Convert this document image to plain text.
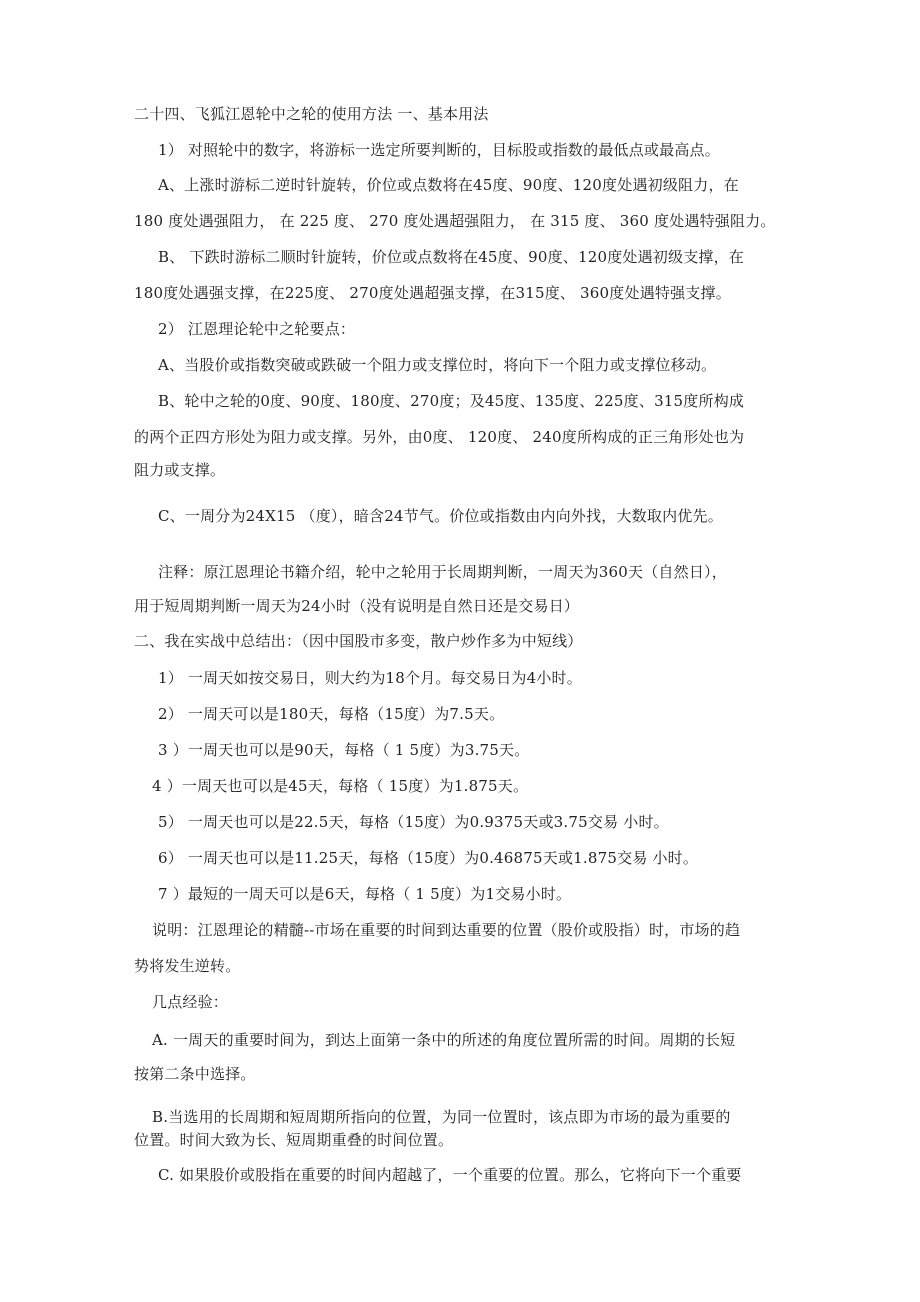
二十四、飞狐江恩轮中之轮的使用方法 一、基本用法
1） 对照轮中的数字，将游标一选定所要判断的，目标股或指数的最低点或最高点。
A、上涨时游标二逆时针旋转，价位或点数将在45度、90度、120度处遇初级阻力，在
180 度处遇强阻力， 在 225 度、 270 度处遇超强阻力， 在 315 度、 360 度处遇特强阻力。
B、 下跌时游标二顺时针旋转，价位或点数将在45度、90度、120度处遇初级支撑，在
180度处遇强支撑，在225度、 270度处遇超强支撑，在315度、 360度处遇特强支撑。
2） 江恩理论轮中之轮要点：
A、当股价或指数突破或跌破一个阻力或支撑位时，将向下一个阻力或支撑位移动。
B、轮中之轮的0度、90度、180度、270度；及45度、135度、225度、315度所构成
的两个正四方形处为阻力或支撑。另外，由0度、 120度、 240度所构成的正三角形处也为
阻力或支撑。
C、一周分为24X15 （度），暗含24节气。价位或指数由内向外找，大数取内优先。
注释：原江恩理论书籍介绍，轮中之轮用于长周期判断，一周天为360天（自然日），
用于短周期判断一周天为24小时（没有说明是自然日还是交易日）
二、我在实战中总结出：（因中国股市多变，散户炒作多为中短线）
1） 一周天如按交易日，则大约为18个月。每交易日为4小时。
2） 一周天可以是180天，每格（15度）为7.5天。
3 ）一周天也可以是90天，每格（ 1 5度）为3.75天。
4 ）一周天也可以是45天，每格（ 15度）为1.875天。
5） 一周天也可以是22.5天，每格（15度）为0.9375天或3.75交易 小时。
6） 一周天也可以是11.25天，每格（15度）为0.46875天或1.875交易 小时。
7 ）最短的一周天可以是6天，每格（ 1 5度）为1交易小时。
说明：江恩理论的精髓--市场在重要的时间到达重要的位置（股价或股指）时，市场的趋
势将发生逆转。
几点经验：
A. 一周天的重要时间为，到达上面第一条中的所述的角度位置所需的时间。周期的长短
按第二条中选择。
B.当选用的长周期和短周期所指向的位置，为同一位置时，该点即为市场的最为重要的
位置。时间大致为长、短周期重叠的时间位置。
C. 如果股价或股指在重要的时间内超越了，一个重要的位置。那么，它将向下一个重要
